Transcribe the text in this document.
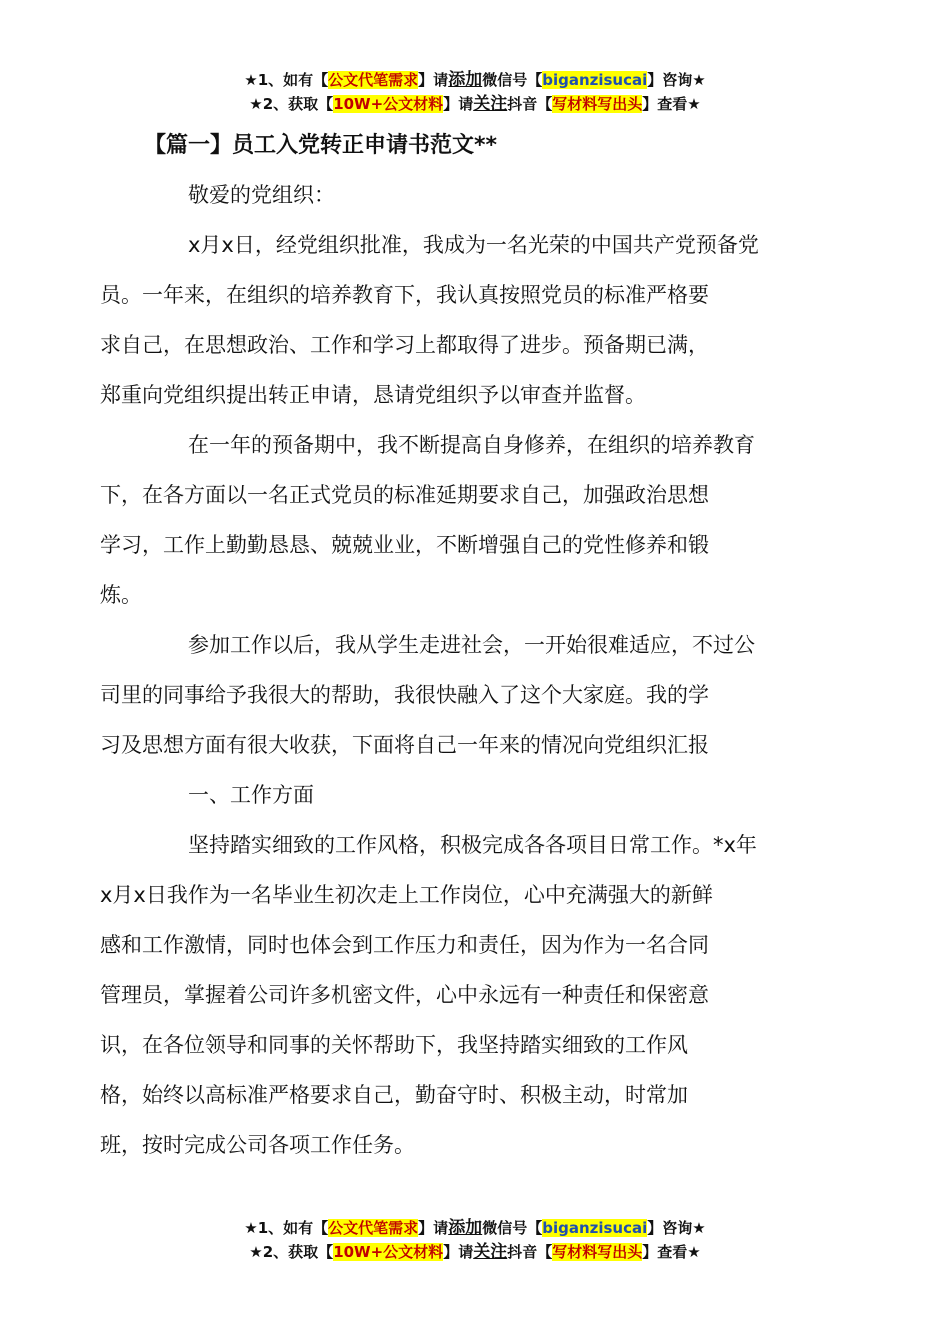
★1、如有【公文代笔需求】请添加微信号【biganzisucai】咨询★
★2、获取【10W+公文材料】请关注抖音【写材料写出头】查看★
【篇一】员工入党转正申请书范文**
敬爱的党组织：
x月x日，经党组织批准，我成为一名光荣的中国共产党预备党
员。一年来，在组织的培养教育下，我认真按照党员的标准严格要
求自己，在思想政治、工作和学习上都取得了进步。预备期已满，
郑重向党组织提出转正申请，恳请党组织予以审查并监督。
在一年的预备期中，我不断提高自身修养，在组织的培养教育
下，在各方面以一名正式党员的标准延期要求自己，加强政治思想
学习，工作上勤勤恳恳、兢兢业业，不断增强自己的党性修养和锻
炼。
参加工作以后，我从学生走进社会，一开始很难适应，不过公
司里的同事给予我很大的帮助，我很快融入了这个大家庭。我的学
习及思想方面有很大收获，下面将自己一年来的情况向党组织汇报
一、工作方面
坚持踏实细致的工作风格，积极完成各各项目日常工作。*x年
x月x日我作为一名毕业生初次走上工作岗位，心中充满强大的新鲜
感和工作激情，同时也体会到工作压力和责任，因为作为一名合同
管理员，掌握着公司许多机密文件，心中永远有一种责任和保密意
识，在各位领导和同事的关怀帮助下，我坚持踏实细致的工作风
格，始终以高标准严格要求自己，勤奋守时、积极主动，时常加
班，按时完成公司各项工作任务。
★1、如有【公文代笔需求】请添加微信号【biganzisucai】咨询★
★2、获取【10W+公文材料】请关注抖音【写材料写出头】查看★
